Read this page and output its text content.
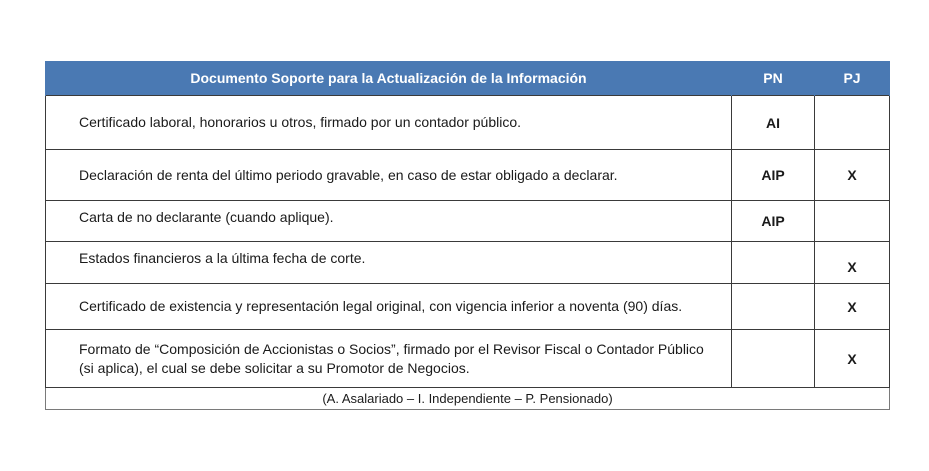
Documento Soporte para la Actualización de la Información	PN	PJ
Certificado laboral, honorarios u otros, firmado por un contador público.	AI	
Declaración de renta del último periodo gravable, en caso de estar obligado a declarar.	AIP	X
Carta de no declarante (cuando aplique).	AIP	
Estados financieros a la última fecha de corte.		X
Certificado de existencia y representación legal original, con vigencia inferior a noventa (90) días.		X
Formato de “Composición de Accionistas o Socios”, firmado por el Revisor Fiscal o Contador Público (si aplica), el cual se debe solicitar a su Promotor de Negocios.		X
(A. Asalariado – I. Independiente – P. Pensionado)		
